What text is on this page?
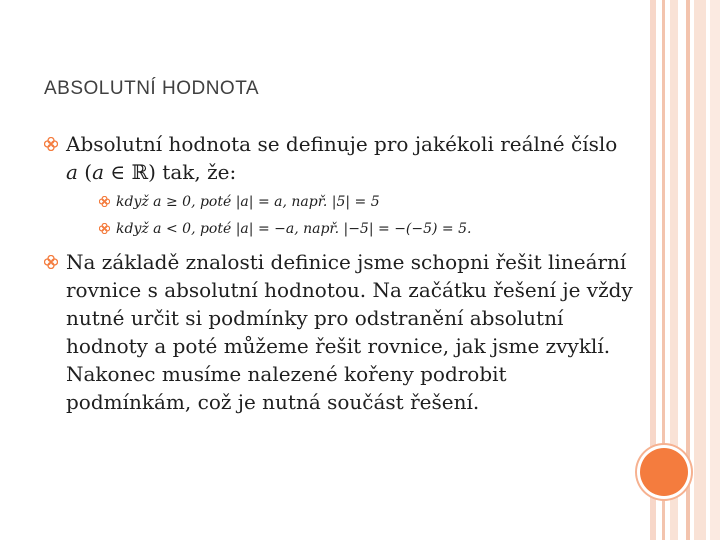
ABSOLUTNÍ HODNOTA
Absolutní hodnota se definuje pro jakékoli reálné číslo 𝑎 (𝑎 ∈ ℝ) tak, že:
když 𝑎 ≥ 0, poté |𝑎| = 𝑎, např. |5| = 5
když 𝑎 < 0, poté |𝑎| = −𝑎, např. |−5| = −(−5) = 5.
Na základě znalosti definice jsme schopni řešit lineární rovnice s absolutní hodnotou. Na začátku řešení je vždy nutné určit si podmínky pro odstranění absolutní hodnoty a poté můžeme řešit rovnice, jak jsme zvyklí. Nakonec musíme nalezené kořeny podrobit podmínkám, což je nutná součást řešení.
